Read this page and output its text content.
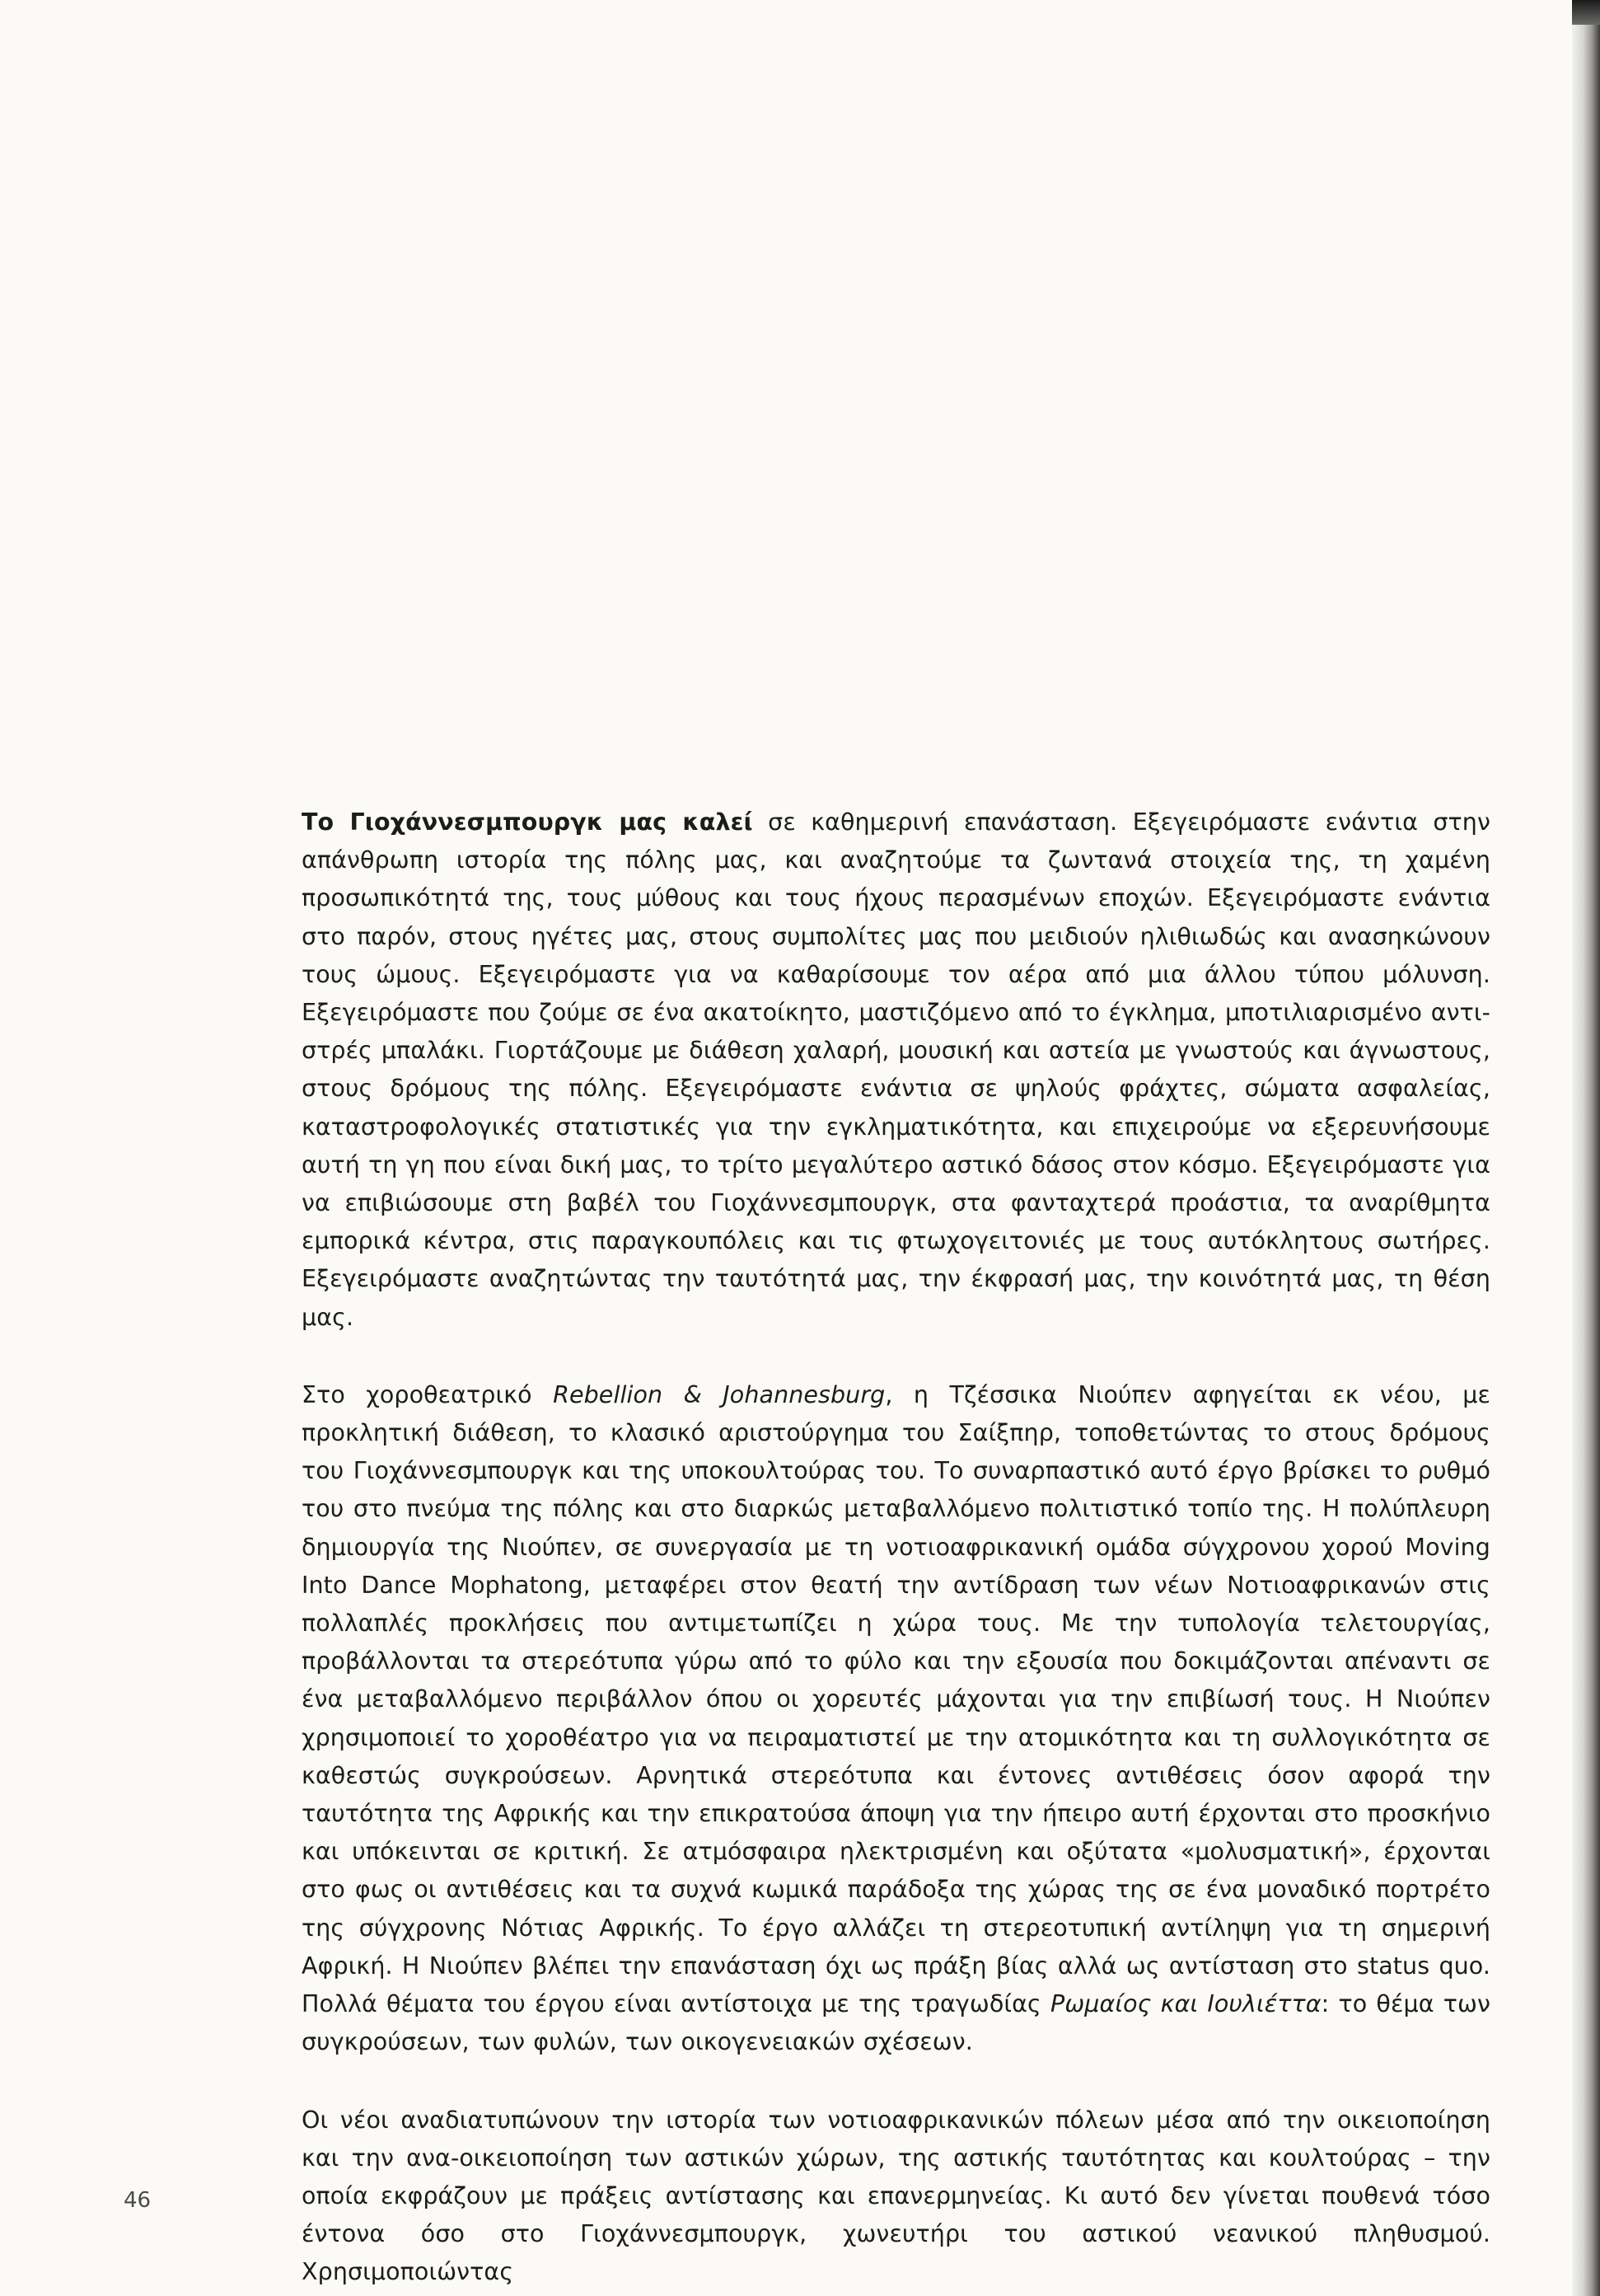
Το Γιοχάννεσμπουργκ μας καλεί σε καθημερινή επανάσταση. Εξεγειρόμαστε ενάντια στην απάνθρωπη ιστορία της πόλης μας, και αναζητούμε τα ζωντανά στοιχεία της, τη χαμένη προσωπικότητά της, τους μύθους και τους ήχους περασμένων εποχών. Εξεγειρόμαστε ενάντια στο παρόν, στους ηγέτες μας, στους συμπολίτες μας που μειδιούν ηλιθιωδώς και ανασηκώνουν τους ώμους. Εξεγειρόμαστε για να καθαρίσουμε τον αέρα από μια άλλου τύπου μόλυνση. Εξεγειρόμαστε που ζούμε σε ένα ακατοίκητο, μαστιζόμενο από το έγκλημα, μποτιλιαρισμένο αντι-στρές μπαλάκι. Γιορτάζουμε με διάθεση χαλαρή, μουσική και αστεία με γνωστούς και άγνωστους, στους δρόμους της πόλης. Εξεγειρόμαστε ενάντια σε ψηλούς φράχτες, σώματα ασφαλείας, καταστροφολογικές στατιστικές για την εγκληματικότητα, και επιχειρούμε να εξερευνήσουμε αυτή τη γη που είναι δική μας, το τρίτο μεγαλύτερο αστικό δάσος στον κόσμο. Εξεγειρόμαστε για να επιβιώσουμε στη βαβέλ του Γιοχάννεσμπουργκ, στα φανταχτερά προάστια, τα αναρίθμητα εμπορικά κέντρα, στις παραγκουπόλεις και τις φτωχογειτονιές με τους αυτόκλητους σωτήρες. Εξεγειρόμαστε αναζητώντας την ταυτότητά μας, την έκφρασή μας, την κοινότητά μας, τη θέση μας.

Στο χοροθεατρικό Rebellion & Johannesburg, η Τζέσσικα Νιούπεν αφηγείται εκ νέου, με προκλητική διάθεση, το κλασικό αριστούργημα του Σαίξπηρ, τοποθετώντας το στους δρόμους του Γιοχάννεσμπουργκ και της υποκουλτούρας του. Το συναρπαστικό αυτό έργο βρίσκει το ρυθμό του στο πνεύμα της πόλης και στο διαρκώς μεταβαλλόμενο πολιτιστικό τοπίο της. Η πολύπλευρη δημιουργία της Νιούπεν, σε συνεργασία με τη νοτιοαφρικανική ομάδα σύγχρονου χορού Moving Into Dance Mophatong, μεταφέρει στον θεατή την αντίδραση των νέων Νοτιοαφρικανών στις πολλαπλές προκλήσεις που αντιμετωπίζει η χώρα τους. Με την τυπολογία τελετουργίας, προβάλλονται τα στερεότυπα γύρω από το φύλο και την εξουσία που δοκιμάζονται απέναντι σε ένα μεταβαλλόμενο περιβάλλον όπου οι χορευτές μάχονται για την επιβίωσή τους. Η Νιούπεν χρησιμοποιεί το χοροθέατρο για να πειραματιστεί με την ατομικότητα και τη συλλογικότητα σε καθεστώς συγκρούσεων. Αρνητικά στερεότυπα και έντονες αντιθέσεις όσον αφορά την ταυτότητα της Αφρικής και την επικρατούσα άποψη για την ήπειρο αυτή έρχονται στο προσκήνιο και υπόκεινται σε κριτική. Σε ατμόσφαιρα ηλεκτρισμένη και οξύτατα «μολυσματική», έρχονται στο φως οι αντιθέσεις και τα συχνά κωμικά παράδοξα της χώρας της σε ένα μοναδικό πορτρέτο της σύγχρονης Νότιας Αφρικής. Το έργο αλλάζει τη στερεοτυπική αντίληψη για τη σημερινή Αφρική. Η Νιούπεν βλέπει την επανάσταση όχι ως πράξη βίας αλλά ως αντίσταση στο status quo. Πολλά θέματα του έργου είναι αντίστοιχα με της τραγωδίας Ρωμαίος και Ιουλιέττα: το θέμα των συγκρούσεων, των φυλών, των οικογενειακών σχέσεων.

Οι νέοι αναδιατυπώνουν την ιστορία των νοτιοαφρικανικών πόλεων μέσα από την οικειοποίηση και την ανα-οικειοποίηση των αστικών χώρων, της αστικής ταυτότητας και κουλτούρας – την οποία εκφράζουν με πράξεις αντίστασης και επανερμηνείας. Κι αυτό δεν γίνεται πουθενά τόσο έντονα όσο στο Γιοχάννεσμπουργκ, χωνευτήρι του αστικού νεανικού πληθυσμού. Χρησιμοποιώντας

46
